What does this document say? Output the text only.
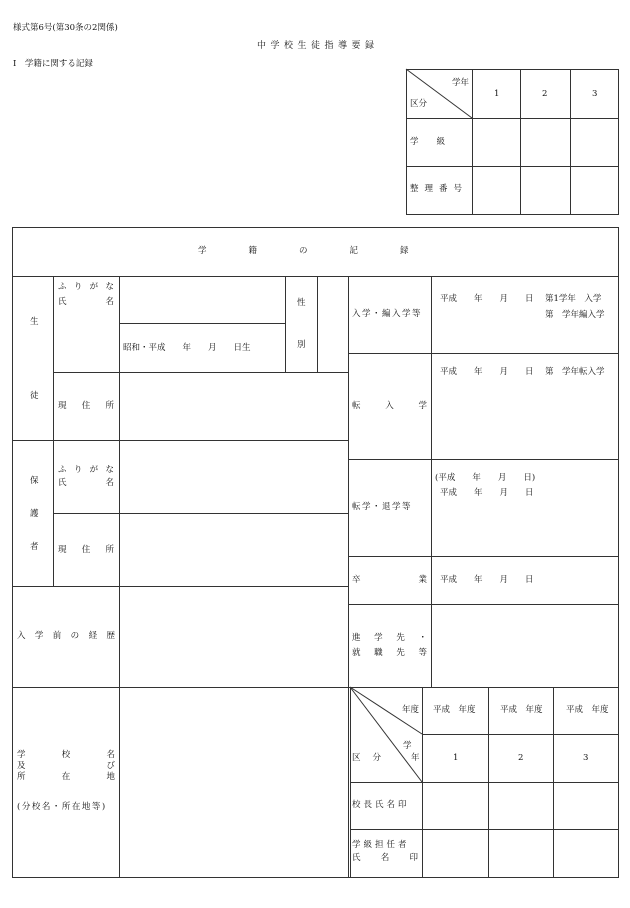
様式第6号(第30条の2関係)
中学校生徒指導要録
Ⅰ　学籍に関する記録
学年
区分
1	2	3
学級
整理番号
学籍の記録
生
徒
ふ り が な
氏	名	性
別
昭和・平成　　年　　月　　日生
現 住 所
保
護
者
ふ り が な
氏	名
現 住 所
入 学 前 の 経 歴
入学・編入学等
平成　　年　　月　　日 第1学年　入学
第　学年編入学
転	入	学
平成　　年　　月　　日 第　学年転入学
転学・退学等
(平成　　年　　月　　日)
平成　　年　　月　　日
卒	業 平成　　年　　月　　日
進 学 先 ・
就 職 先 等
学	校	名
及	び
所	在	地
(分校名・所在地等)
年度
学
区分 年
平成　年度	平成　年度	平成　年度
1	2	3
校長氏名印
学級担任者
氏 名 印
